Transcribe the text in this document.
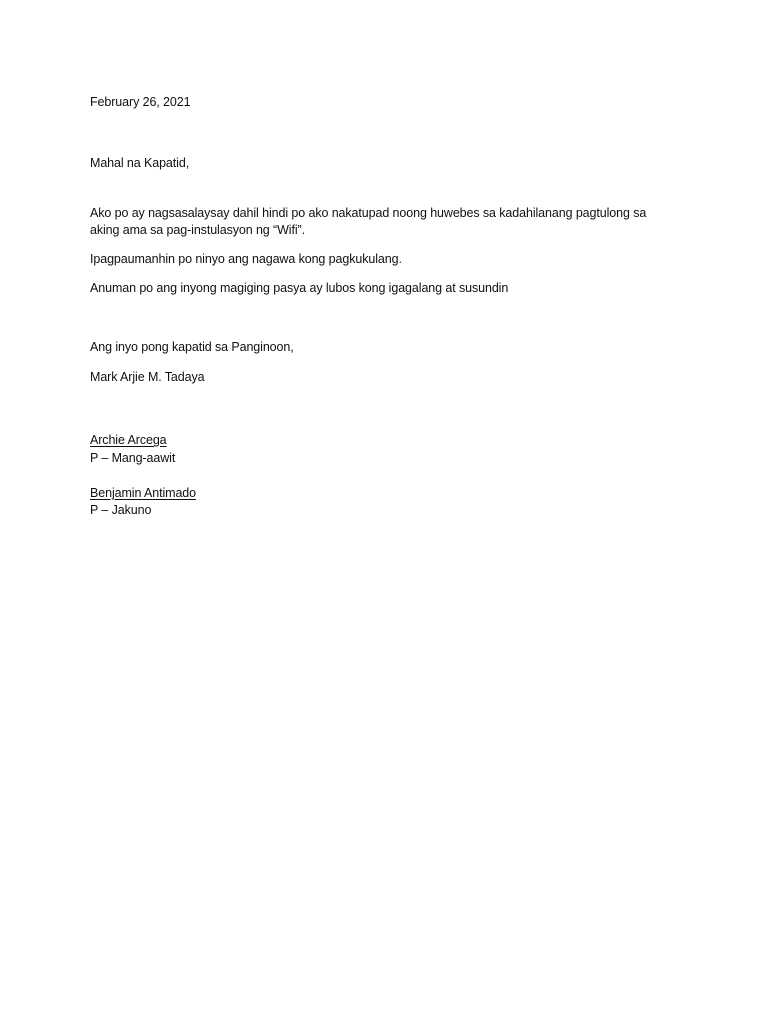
February 26, 2021
Mahal na Kapatid,
Ako po ay nagsasalaysay dahil hindi po ako nakatupad noong huwebes sa kadahilanang pagtulong sa
aking ama sa pag-instulasyon ng “Wifi”.
Ipagpaumanhin po ninyo ang nagawa kong pagkukulang.
Anuman po ang inyong magiging pasya ay lubos kong igagalang at susundin
Ang inyo pong kapatid sa Panginoon,
Mark Arjie M. Tadaya
Archie Arcega
P – Mang-aawit
Benjamin Antimado
P – Jakuno
